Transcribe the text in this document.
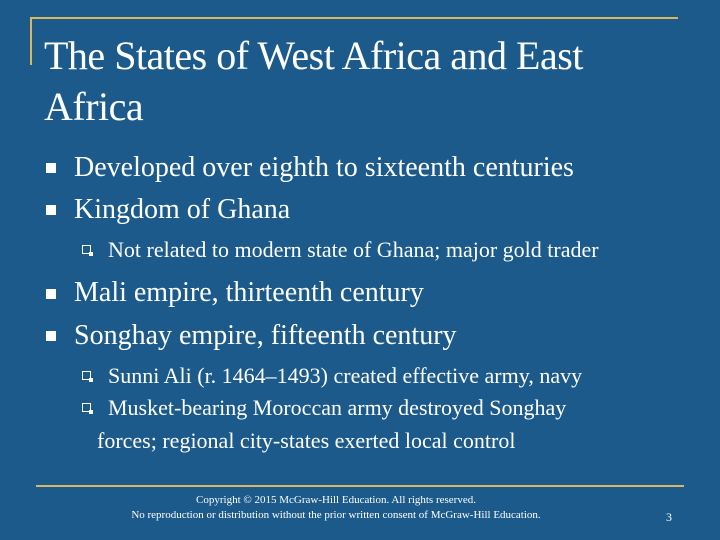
The States of West Africa and East Africa
Developed over eighth to sixteenth centuries
Kingdom of Ghana
Not related to modern state of Ghana; major gold trader
Mali empire, thirteenth century
Songhay empire, fifteenth century
Sunni Ali (r. 1464–1493) created effective army, navy
Musket-bearing Moroccan army destroyed Songhay
forces; regional city-states exerted local control
Copyright © 2015 McGraw-Hill Education. All rights reserved.
No reproduction or distribution without the prior written consent of McGraw-Hill Education.	3
